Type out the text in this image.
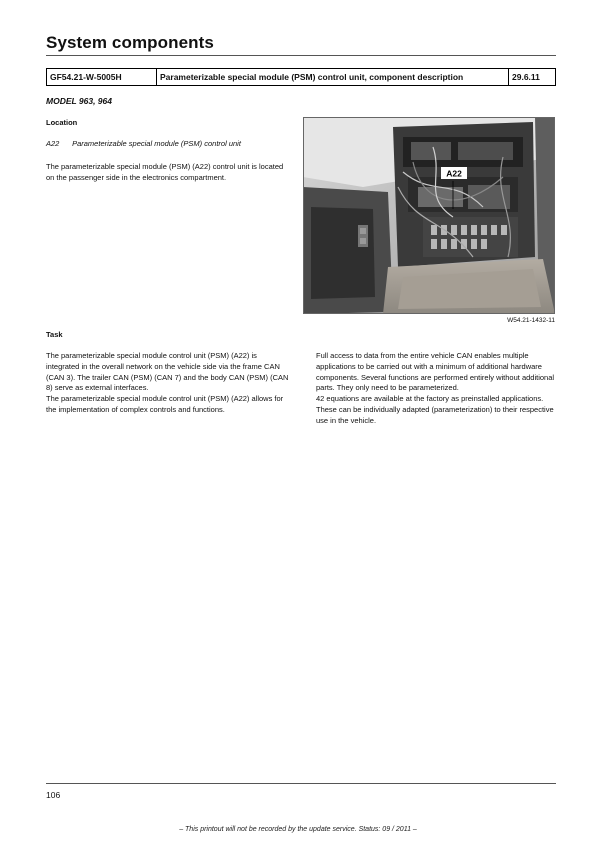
System components
GF54.21-W-5005H	Parameterizable special module (PSM) control unit, component description	29.6.11
MODEL 963, 964
Location
A22 Parameterizable special module (PSM) control unit
The parameterizable special module (PSM) (A22) control unit is located on the passenger side in the electronics compartment.	A22
W54.21-1432-11
Task

The parameterizable special module control unit (PSM) (A22) is integrated in the overall network on the vehicle side via the frame CAN (CAN 3). The trailer CAN (PSM) (CAN 7) and the body CAN (PSM) (CAN 8) serve as external interfaces.

The parameterizable special module control unit (PSM) (A22) allows for the implementation of complex controls and functions.

Full access to data from the entire vehicle CAN enables multiple applications to be carried out with a minimum of additional hardware components. Several functions are performed entirely without additional parts. They only need to be parameterized.

42 equations are available at the factory as preinstalled applications. These can be individually adapted (parameterization) to their respective use in the vehicle.

106
– This printout will not be recorded by the update service. Status: 09 / 2011 –
